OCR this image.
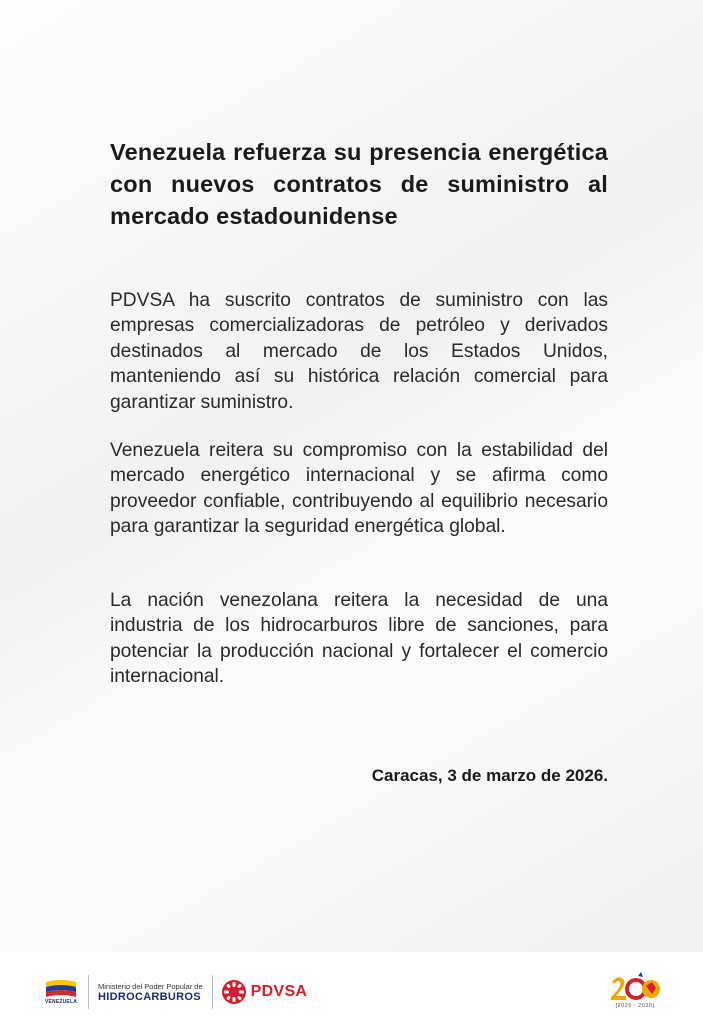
Venezuela refuerza su presencia energética con nuevos contratos de suministro al mercado estadounidense

PDVSA ha suscrito contratos de suministro con las empresas comercializadoras de petróleo y derivados destinados al mercado de los Estados Unidos, manteniendo así su histórica relación comercial para garantizar suministro.

Venezuela reitera su compromiso con la estabilidad del mercado energético internacional y se afirma como proveedor confiable, contribuyendo al equilibrio necesario para garantizar la seguridad energética global.

La nación venezolana reitera la necesidad de una industria de los hidrocarburos libre de sanciones, para potenciar la producción nacional y fortalecer el comercio internacional.

Caracas, 3 de marzo de 2026.

VENEZUELA
Ministerio del Poder Popular de
HIDROCARBUROS	PDVSA
[2026 - 2030]
